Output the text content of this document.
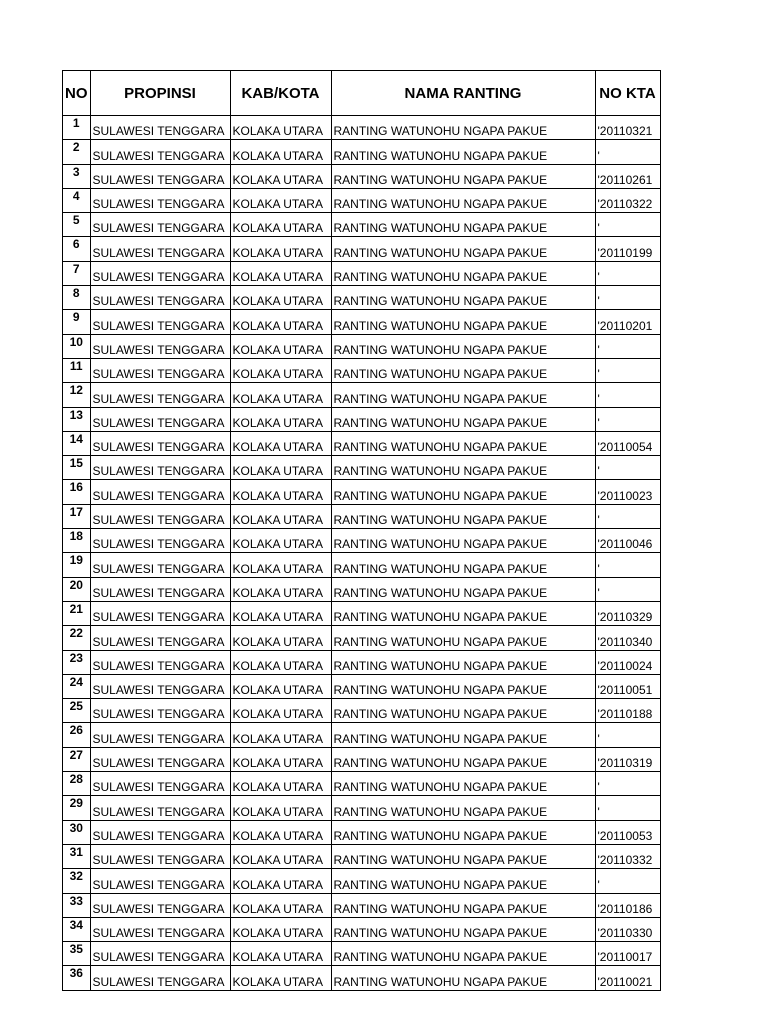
NO	PROPINSI	KAB/KOTA	NAMA RANTING	NO KTA
1	SULAWESI TENGGARA	KOLAKA UTARA	RANTING WATUNOHU NGAPA PAKUE	'20110321
2	SULAWESI TENGGARA	KOLAKA UTARA	RANTING WATUNOHU NGAPA PAKUE	'
3	SULAWESI TENGGARA	KOLAKA UTARA	RANTING WATUNOHU NGAPA PAKUE	'20110261
4	SULAWESI TENGGARA	KOLAKA UTARA	RANTING WATUNOHU NGAPA PAKUE	'20110322
5	SULAWESI TENGGARA	KOLAKA UTARA	RANTING WATUNOHU NGAPA PAKUE	'
6	SULAWESI TENGGARA	KOLAKA UTARA	RANTING WATUNOHU NGAPA PAKUE	'20110199
7	SULAWESI TENGGARA	KOLAKA UTARA	RANTING WATUNOHU NGAPA PAKUE	'
8	SULAWESI TENGGARA	KOLAKA UTARA	RANTING WATUNOHU NGAPA PAKUE	'
9	SULAWESI TENGGARA	KOLAKA UTARA	RANTING WATUNOHU NGAPA PAKUE	'20110201
10	SULAWESI TENGGARA	KOLAKA UTARA	RANTING WATUNOHU NGAPA PAKUE	'
11	SULAWESI TENGGARA	KOLAKA UTARA	RANTING WATUNOHU NGAPA PAKUE	'
12	SULAWESI TENGGARA	KOLAKA UTARA	RANTING WATUNOHU NGAPA PAKUE	'
13	SULAWESI TENGGARA	KOLAKA UTARA	RANTING WATUNOHU NGAPA PAKUE	'
14	SULAWESI TENGGARA	KOLAKA UTARA	RANTING WATUNOHU NGAPA PAKUE	'20110054
15	SULAWESI TENGGARA	KOLAKA UTARA	RANTING WATUNOHU NGAPA PAKUE	'
16	SULAWESI TENGGARA	KOLAKA UTARA	RANTING WATUNOHU NGAPA PAKUE	'20110023
17	SULAWESI TENGGARA	KOLAKA UTARA	RANTING WATUNOHU NGAPA PAKUE	'
18	SULAWESI TENGGARA	KOLAKA UTARA	RANTING WATUNOHU NGAPA PAKUE	'20110046
19	SULAWESI TENGGARA	KOLAKA UTARA	RANTING WATUNOHU NGAPA PAKUE	'
20	SULAWESI TENGGARA	KOLAKA UTARA	RANTING WATUNOHU NGAPA PAKUE	'
21	SULAWESI TENGGARA	KOLAKA UTARA	RANTING WATUNOHU NGAPA PAKUE	'20110329
22	SULAWESI TENGGARA	KOLAKA UTARA	RANTING WATUNOHU NGAPA PAKUE	'20110340
23	SULAWESI TENGGARA	KOLAKA UTARA	RANTING WATUNOHU NGAPA PAKUE	'20110024
24	SULAWESI TENGGARA	KOLAKA UTARA	RANTING WATUNOHU NGAPA PAKUE	'20110051
25	SULAWESI TENGGARA	KOLAKA UTARA	RANTING WATUNOHU NGAPA PAKUE	'20110188
26	SULAWESI TENGGARA	KOLAKA UTARA	RANTING WATUNOHU NGAPA PAKUE	'
27	SULAWESI TENGGARA	KOLAKA UTARA	RANTING WATUNOHU NGAPA PAKUE	'20110319
28	SULAWESI TENGGARA	KOLAKA UTARA	RANTING WATUNOHU NGAPA PAKUE	'
29	SULAWESI TENGGARA	KOLAKA UTARA	RANTING WATUNOHU NGAPA PAKUE	'
30	SULAWESI TENGGARA	KOLAKA UTARA	RANTING WATUNOHU NGAPA PAKUE	'20110053
31	SULAWESI TENGGARA	KOLAKA UTARA	RANTING WATUNOHU NGAPA PAKUE	'20110332
32	SULAWESI TENGGARA	KOLAKA UTARA	RANTING WATUNOHU NGAPA PAKUE	'
33	SULAWESI TENGGARA	KOLAKA UTARA	RANTING WATUNOHU NGAPA PAKUE	'20110186
34	SULAWESI TENGGARA	KOLAKA UTARA	RANTING WATUNOHU NGAPA PAKUE	'20110330
35	SULAWESI TENGGARA	KOLAKA UTARA	RANTING WATUNOHU NGAPA PAKUE	'20110017
36	SULAWESI TENGGARA	KOLAKA UTARA	RANTING WATUNOHU NGAPA PAKUE	'20110021
